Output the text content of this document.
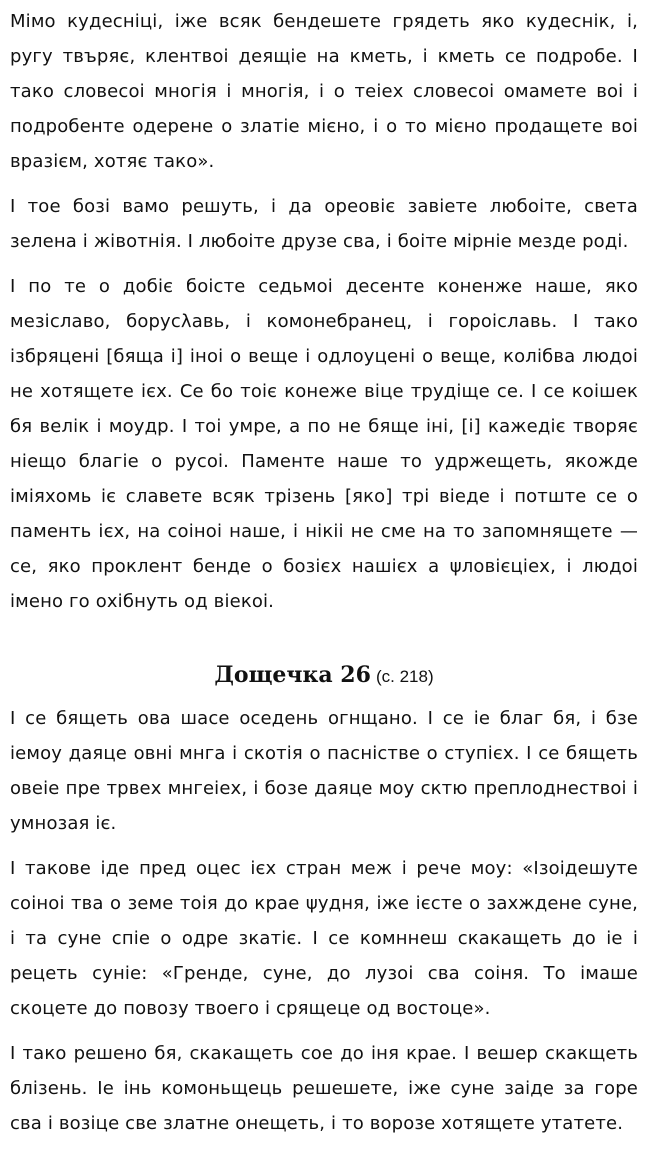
Мімо кудесніці, іже всяк бендешете грядеть яко кудеснік, і, ругу твъряє, клентвоі деящіе на кметь, і кметь се подробе. І тако словесоі многія і многія, і о теіех словесоі омамете воі і подробенте одерене о златіе мієно, і о то мієно продащете воі вразієм, хотяє тако».

І тое бозі вамо решуть, і да ореовіє завіете любоіте, света зелена і жівотнія. І любоіте друзе сва, і боіте мірніе мезде роді.

І по те о добіє боісте седьмоі десенте коненже наше, яко мезіславо, борусλавь, і комонебранец, і гороіславь. І тако ізбряцені [бяща і] іноі о веще і одлоуцені о веще, колібва людоі не хотящете ієх. Се бо тоіє конеже віце трудіще се. І се коішек бя велік і моудр. І тоі умре, а по не бяще іні, [і] кажедіє творяє ніещо благіе о русоі. Паменте наше то удржещеть, якожде іміяхомь іє славете всяк трізень [яко] трі віеде і потште се о паменть ієх, на соіноі наше, і нікіі не сме на то запомнящете — се, яко проклент бенде о бозієх нашієх а ψловієціех, і людоі імено го охібнуть од віекоі.

Дощечка 26 (с. 218)

І се бящеть ова шасе оседень огнщано. І се іе благ бя, і бзе іемоу даяце овні мнга і скотія о пасністве о ступієх. І се бящеть овеіе пре трвех мнгеіех, і бозе даяце моу сктю преплоднествоі і умнозая іє.

І такове іде пред оцес ієх стран меж і рече моу: «Ізоідешуте соіноі тва о земе тоія до крае ψудня, іже ієсте о захждене суне, і та суне спіе о одре зкатіє. І се комннеш скакащеть до іе і рецеть суніе: «Гренде, суне, до лузоі сва соіня. То імаше скоцете до повозу твоего і срящеце од востоце».

І тако решено бя, скакащеть сое до іня крае. І вешер скакщеть блізень. Іе інь комоньщець решешете, іже суне заіде за горе сва і возіце све златне онещеть, і то ворозе хотящете утатете.
